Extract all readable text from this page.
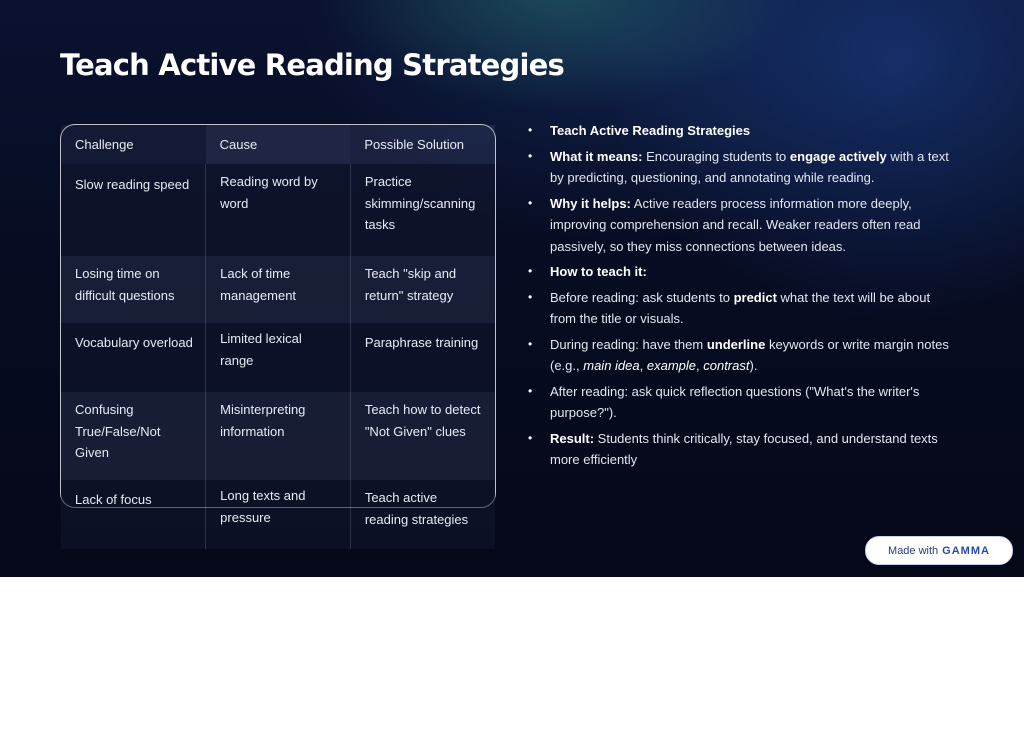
Teach Active Reading Strategies
Challenge	Cause	Possible Solution
Slow reading speed	Reading word by word	Practice skimming/scanning tasks
Losing time on difficult questions	Lack of time management	Teach "skip and return" strategy
Vocabulary overload	Limited lexical range	Paraphrase training
Confusing True/False/Not Given	Misinterpreting information	Teach how to detect "Not Given" clues
Lack of focus	Long texts and pressure	Teach active reading strategies
• Teach Active Reading Strategies
• What it means: Encouraging students to engage actively with a text by predicting, questioning, and annotating while reading.
• Why it helps: Active readers process information more deeply, improving comprehension and recall. Weaker readers often read passively, so they miss connections between ideas.
• How to teach it:
• Before reading: ask students to predict what the text will be about from the title or visuals.
• During reading: have them underline keywords or write margin notes (e.g., main idea, example, contrast).
• After reading: ask quick reflection questions ("What's the writer's purpose?").
• Result: Students think critically, stay focused, and understand texts more efficiently
Made with GAMMA
